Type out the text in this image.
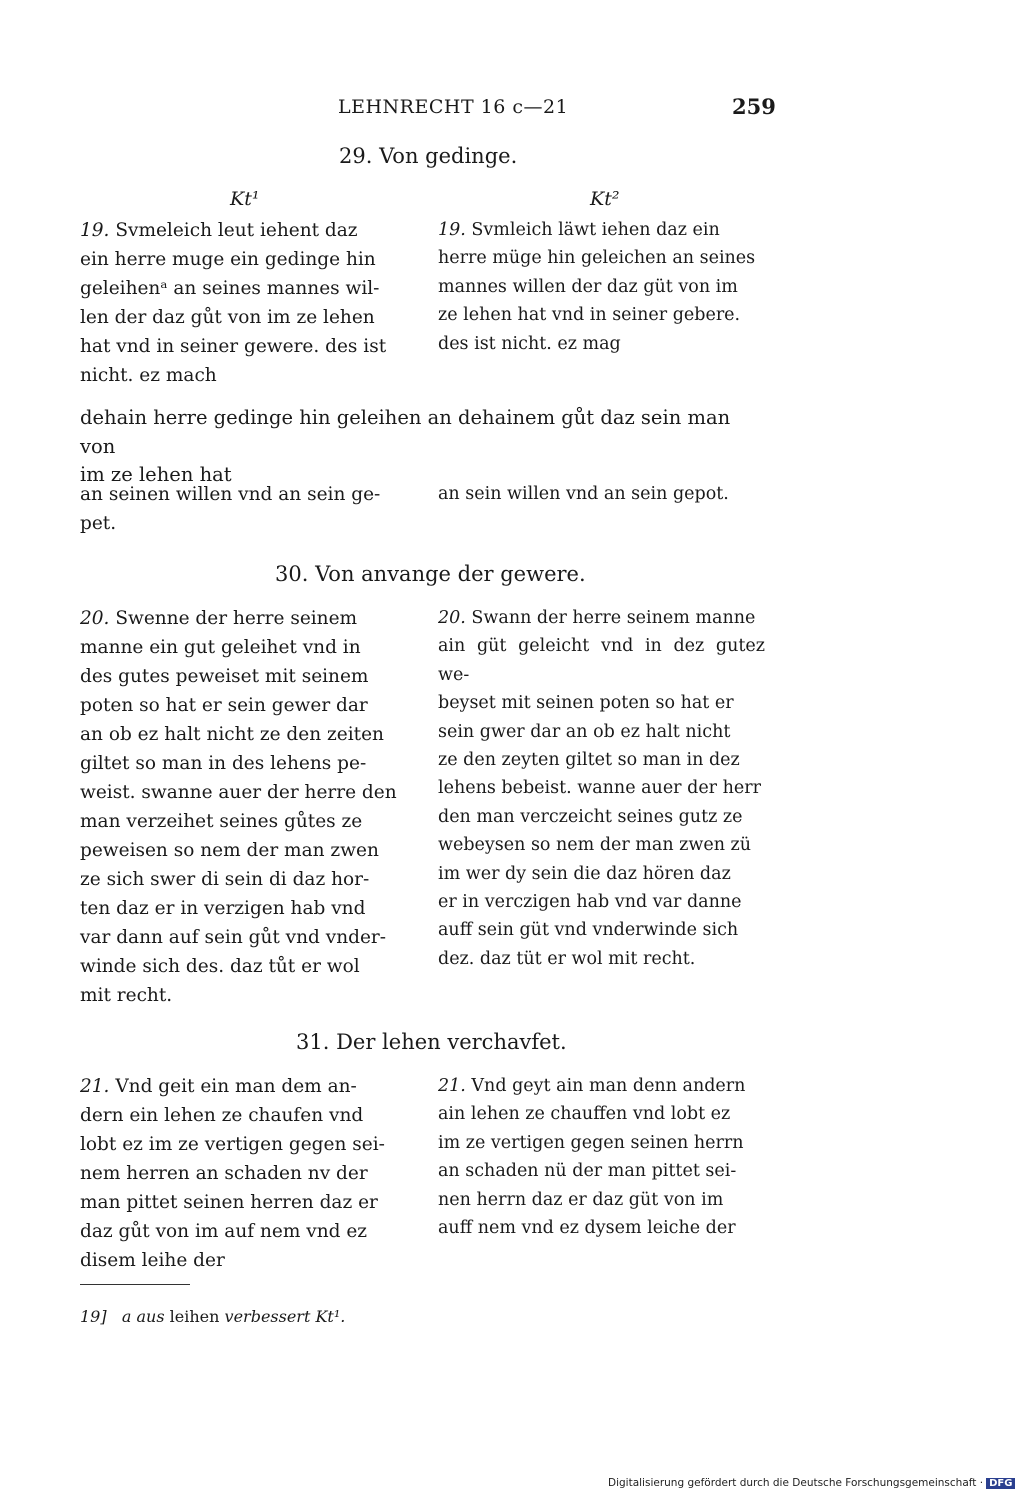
LEHNRECHT 16 c—21	259
29. Von gedinge.
Kt¹	Kt²
19. Svmeleich leut iehent daz
ein herre muge ein gedinge hin
geleihenᵃ an seines mannes wil-
len der daz gůt von im ze lehen
hat vnd in seiner gewere. des ist
nicht. ez mach
19. Svmleich läwt iehen daz ein
herre müge hin geleichen an seines
mannes willen der daz güt von im
ze lehen hat vnd in seiner gebere.
des ist nicht. ez mag
dehain herre gedinge hin geleihen an dehainem gůt daz sein man von
im ze lehen hat
an seinen willen vnd an sein ge-
pet.
an sein willen vnd an sein gepot.
30. Von anvange der gewere.
20. Swenne der herre seinem
manne ein gut geleihet vnd in
des gutes peweiset mit seinem
poten so hat er sein gewer dar
an ob ez halt nicht ze den zeiten
giltet so man in des lehens pe-
weist. swanne auer der herre den
man verzeihet seines gůtes ze
peweisen so nem der man zwen
ze sich swer di sein di daz hor-
ten daz er in verzigen hab vnd
var dann auf sein gůt vnd vnder-
winde sich des. daz tůt er wol
mit recht.
20. Swann der herre seinem manne
ain güt geleicht vnd in dez gutez we-
beyset mit seinen poten so hat er
sein gwer dar an ob ez halt nicht
ze den zeyten giltet so man in dez
lehens bebeist. wanne auer der herr
den man verczeicht seines gutz ze
webeysen so nem der man zwen zü
im wer dy sein die daz hören daz
er in verczigen hab vnd var danne
auff sein güt vnd vnderwinde sich
dez. daz tüt er wol mit recht.
31. Der lehen verchavfet.
21. Vnd geit ein man dem an-
dern ein lehen ze chaufen vnd
lobt ez im ze vertigen gegen sei-
nem herren an schaden nv der
man pittet seinen herren daz er
daz gůt von im auf nem vnd ez
disem leihe der
21. Vnd geyt ain man denn andern
ain lehen ze chauffen vnd lobt ez
im ze vertigen gegen seinen herrn
an schaden nü der man pittet sei-
nen herrn daz er daz güt von im
auff nem vnd ez dysem leiche der
19] a aus leihen verbessert Kt¹.
Digitalisierung gefördert durch die Deutsche Forschungsgemeinschaft · DFG
